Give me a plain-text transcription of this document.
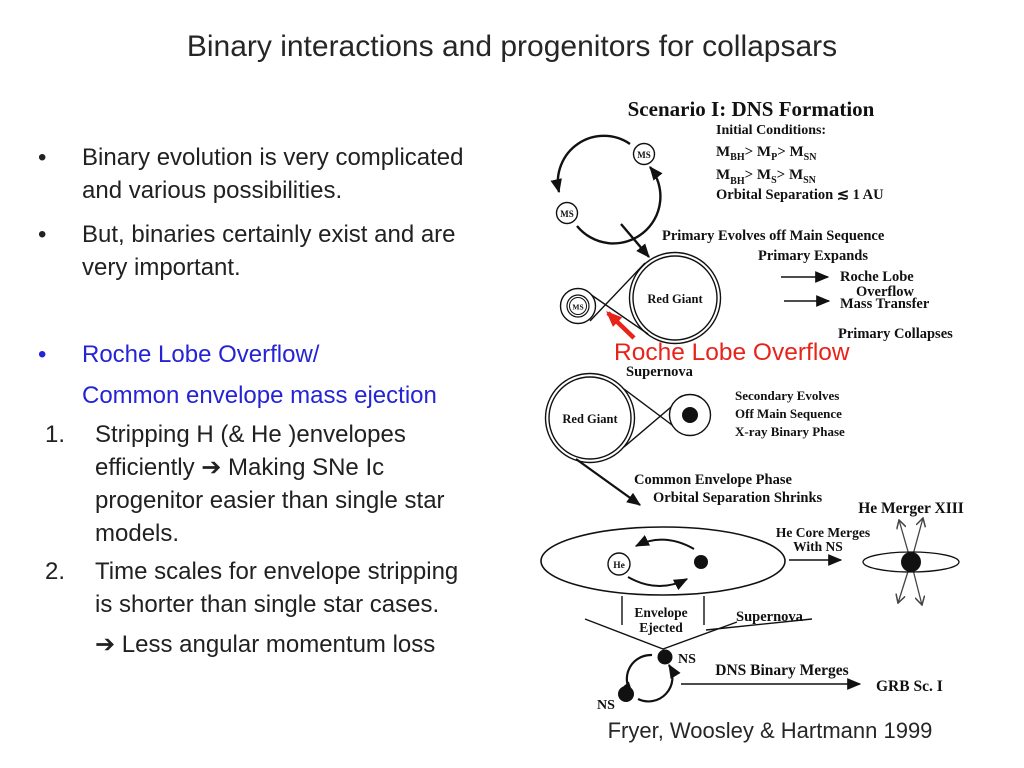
Binary interactions and progenitors for collapsars
•	Binary evolution is very complicated
and various possibilities.
•	But, binaries certainly exist and are
very important.
•	Roche Lobe Overflow/
Common envelope mass ejection
1.	Stripping H (& He )envelopes
efficiently ➔ Making SNe Ic
progenitor easier than single star
models.
2.	Time scales for envelope stripping
is shorter than single star cases.
➔ Less angular momentum loss
Scenario I: DNS Formation
Initial Conditions:
$M_{BH}> M_P> M_{SN}$
$M_{BH}> M_S> M_{SN}$
Orbital Separation ≲ 1 AU
MS
MS
Primary Evolves off Main Sequence
Primary Expands
Roche Lobe
Overflow
Mass Transfer
Primary Collapses
Red Giant
MS
Roche Lobe Overflow
Supernova
Red Giant
Secondary Evolves
Off Main Sequence
X-ray Binary Phase
Common Envelope Phase
Orbital Separation Shrinks
He
He Core Merges
With NS
He Merger XIII
Envelope
Ejected
Supernova
NS
NS
DNS Binary Merges
GRB Sc. I
Fryer, Woosley & Hartmann 1999
